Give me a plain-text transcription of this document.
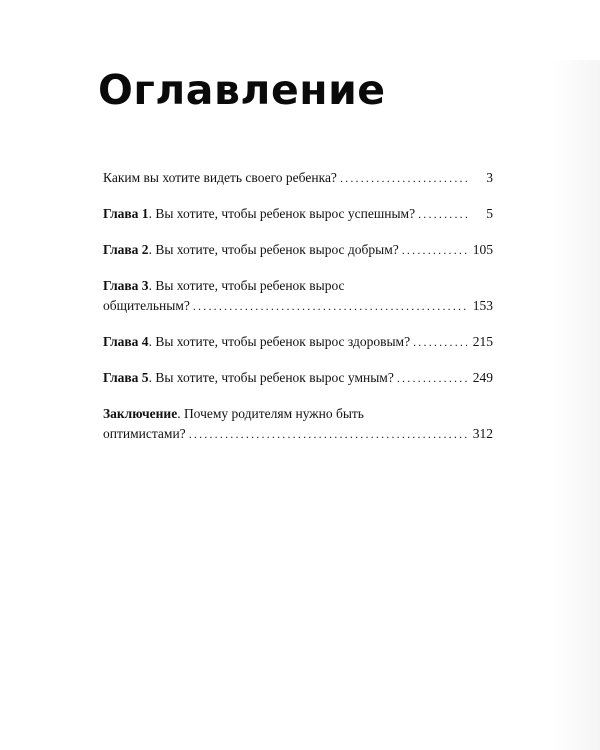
Оглавление
Каким вы хотите видеть своего ребенка? .....	3
Глава 1. Вы хотите, чтобы ребенок вырос успешным? .....	5
Глава 2. Вы хотите, чтобы ребенок вырос добрым? .....	105
Глава 3. Вы хотите, чтобы ребенок вырос
общительным? .....	153
Глава 4. Вы хотите, чтобы ребенок вырос здоровым? .....	215
Глава 5. Вы хотите, чтобы ребенок вырос умным? .....	249
Заключение. Почему родителям нужно быть
оптимистами? .....	312
